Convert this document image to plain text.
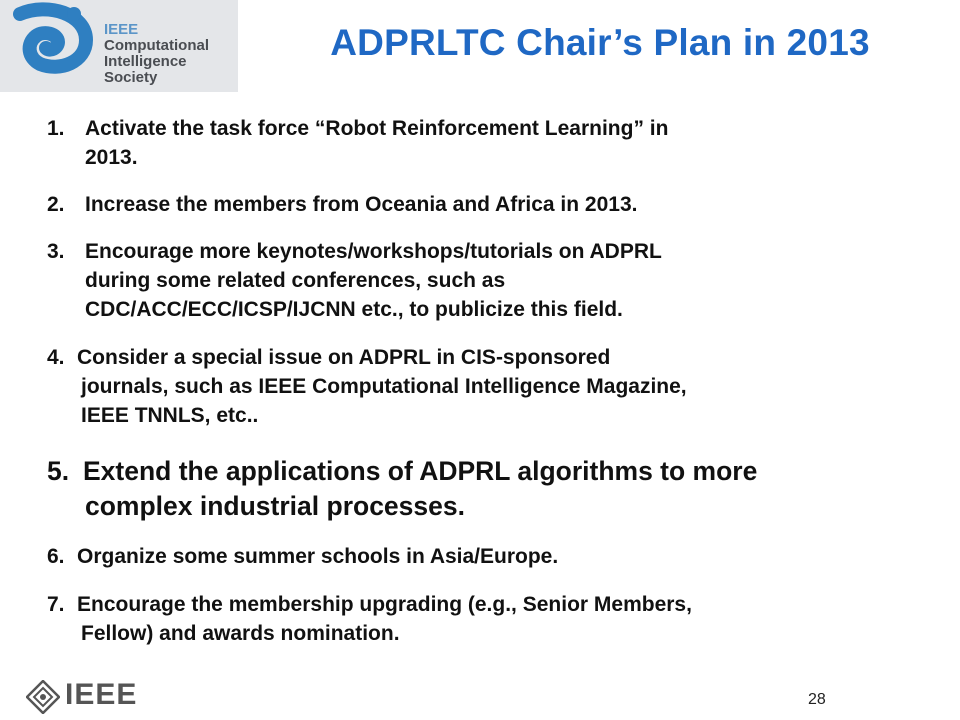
IEEE
Computational
Intelligence
Society
ADPRLTC Chair’s Plan in 2013
1. Activate the task force “Robot Reinforcement Learning” in
2013.
2. Increase the members from Oceania and Africa in 2013.
3. Encourage more keynotes/workshops/tutorials on ADPRL
during some related conferences, such as
CDC/ACC/ECC/ICSP/IJCNN etc., to publicize this field.
4. Consider a special issue on ADPRL in CIS-sponsored
journals, such as IEEE Computational Intelligence Magazine,
IEEE TNNLS, etc..
5. Extend the applications of ADPRL algorithms to more
complex industrial processes.
6. Organize some summer schools in Asia/Europe.
7. Encourage the membership upgrading (e.g., Senior Members,
Fellow) and awards nomination.
IEEE	28
